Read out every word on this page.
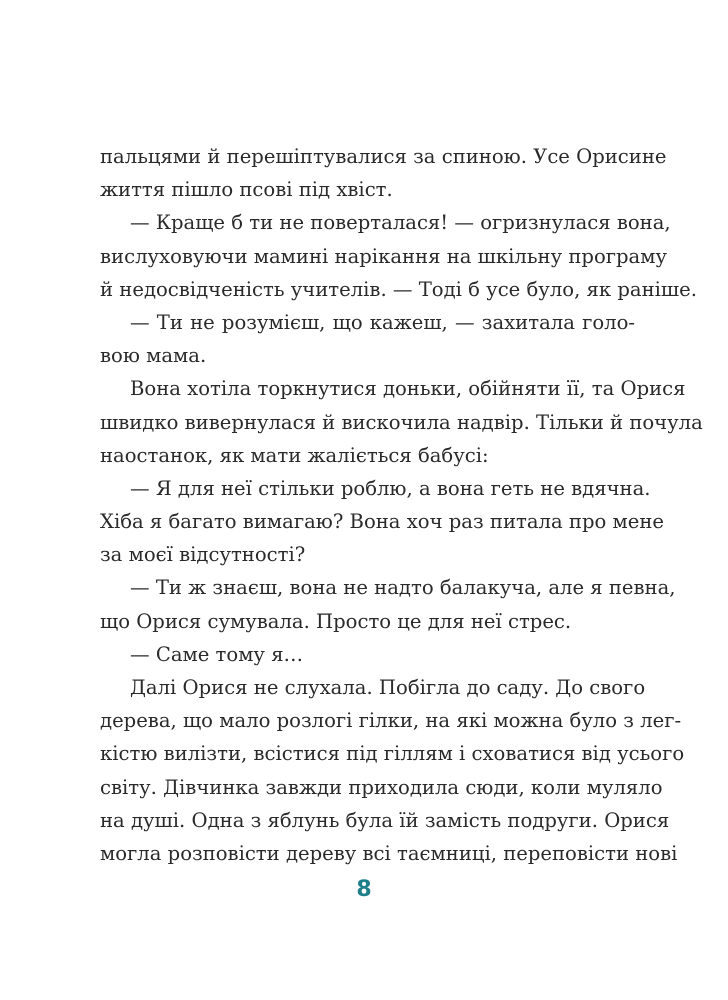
пальцями й перешіптувалися за спиною. Усе Орисине
життя пішло псові під хвіст.
— Краще б ти не поверталася! — огризнулася вона,
вислуховуючи мамині нарікання на шкільну програму
й недосвідченість учителів. — Тоді б усе було, як раніше.
— Ти не розумієш, що кажеш, — захитала голо-
вою мама.
Вона хотіла торкнутися доньки, обійняти її, та Орися
швидко вивернулася й вискочила надвір. Тільки й почула
наостанок, як мати жаліється бабусі:
— Я для неї стільки роблю, а вона геть не вдячна.
Хіба я багато вимагаю? Вона хоч раз питала про мене
за моєї відсутності?
— Ти ж знаєш, вона не надто балакуча, але я певна,
що Орися сумувала. Просто це для неї стрес.
— Саме тому я…
Далі Орися не слухала. Побігла до саду. До свого
дерева, що мало розлогі гілки, на які можна було з лег-
кістю вилізти, всістися під гіллям і сховатися від усього
світу. Дівчинка завжди приходила сюди, коли муляло
на душі. Одна з яблунь була їй замість подруги. Орися
могла розповісти дереву всі таємниці, переповісти нові
8
